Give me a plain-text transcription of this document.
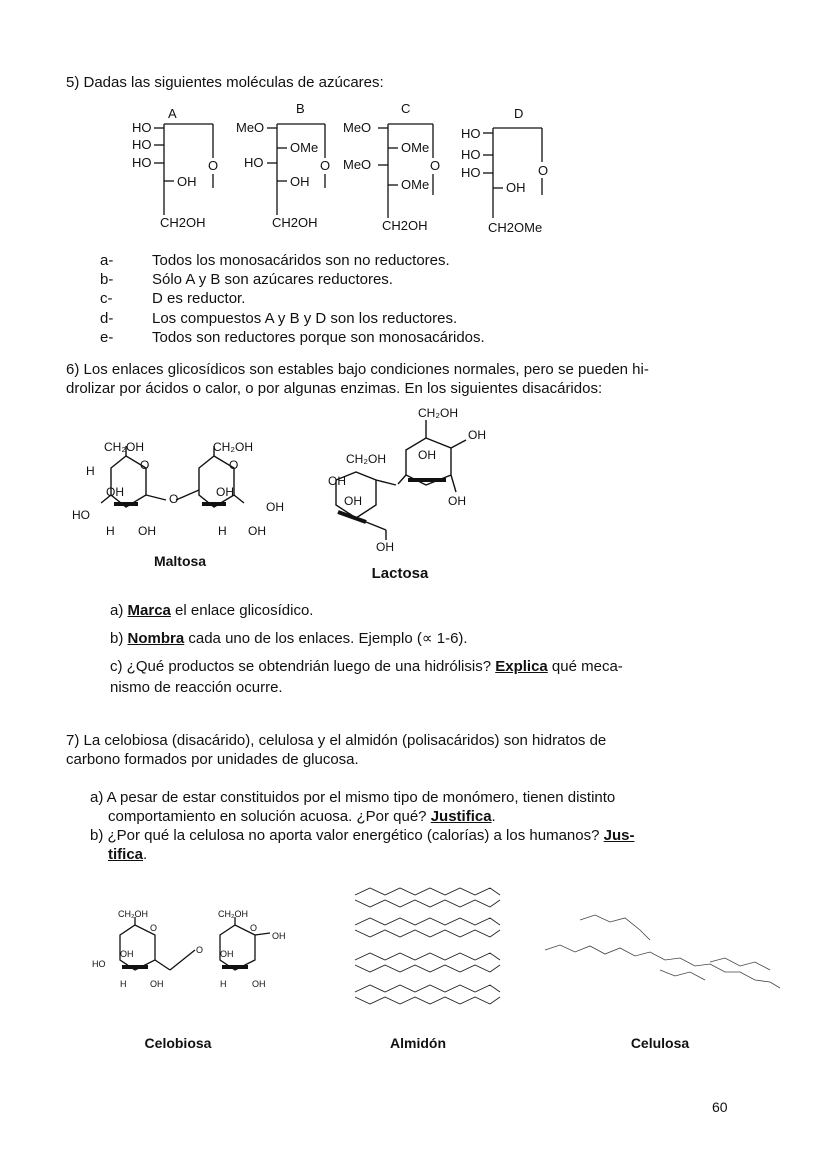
5) Dadas las siguientes moléculas de azúcares:
A
HO
HO
HO	O
OH
CH2OH
B
MeO
OMe
HO	O
OH
CH2OH
C
MeO
OMe
MeO	O
OMe
CH2OH
D
HO
HO
HO	O
OH
CH2OMe
a-	Todos los monosacáridos son no reductores.
b-	Sólo A y B son azúcares reductores.
c-	D es reductor.
d-	Los compuestos A y B y D son los reductores.
e-	Todos son reductores porque son monosacáridos.
6) Los enlaces glicosídicos son estables bajo condiciones normales, pero se pueden hi-
drolizar por ácidos o calor, o por algunas enzimas. En los siguientes disacáridos:
CH₂OH	CH₂OH
O	O
OH	OH
O
HO
OH
OH	OH
H
H	H
CH₂OH
OH
CH₂OH	OH
OH
OH	OH
OH
Maltosa
Lactosa
a) Marca el enlace glicosídico.
b) Nombra cada uno de los enlaces. Ejemplo (∝ 1-6).
c) ¿Qué productos se obtendrián luego de una hidrólisis? Explica qué meca-
nismo de reacción ocurre.
7) La celobiosa (disacárido), celulosa y el almidón (polisacáridos) son hidratos de
carbono formados por unidades de glucosa.
a) A pesar de estar constituidos por el mismo tipo de monómero, tienen distinto
comportamiento en solución acuosa. ¿Por qué? Justifica.
b) ¿Por qué la celulosa no aporta valor energético (calorías) a los humanos? Jus-
tifica.
CH₂OH	CH₂OH
O	O
O
OH
HO
OH	OH
H	OH	H	OH
Celobiosa	Almidón	Celulosa
60
